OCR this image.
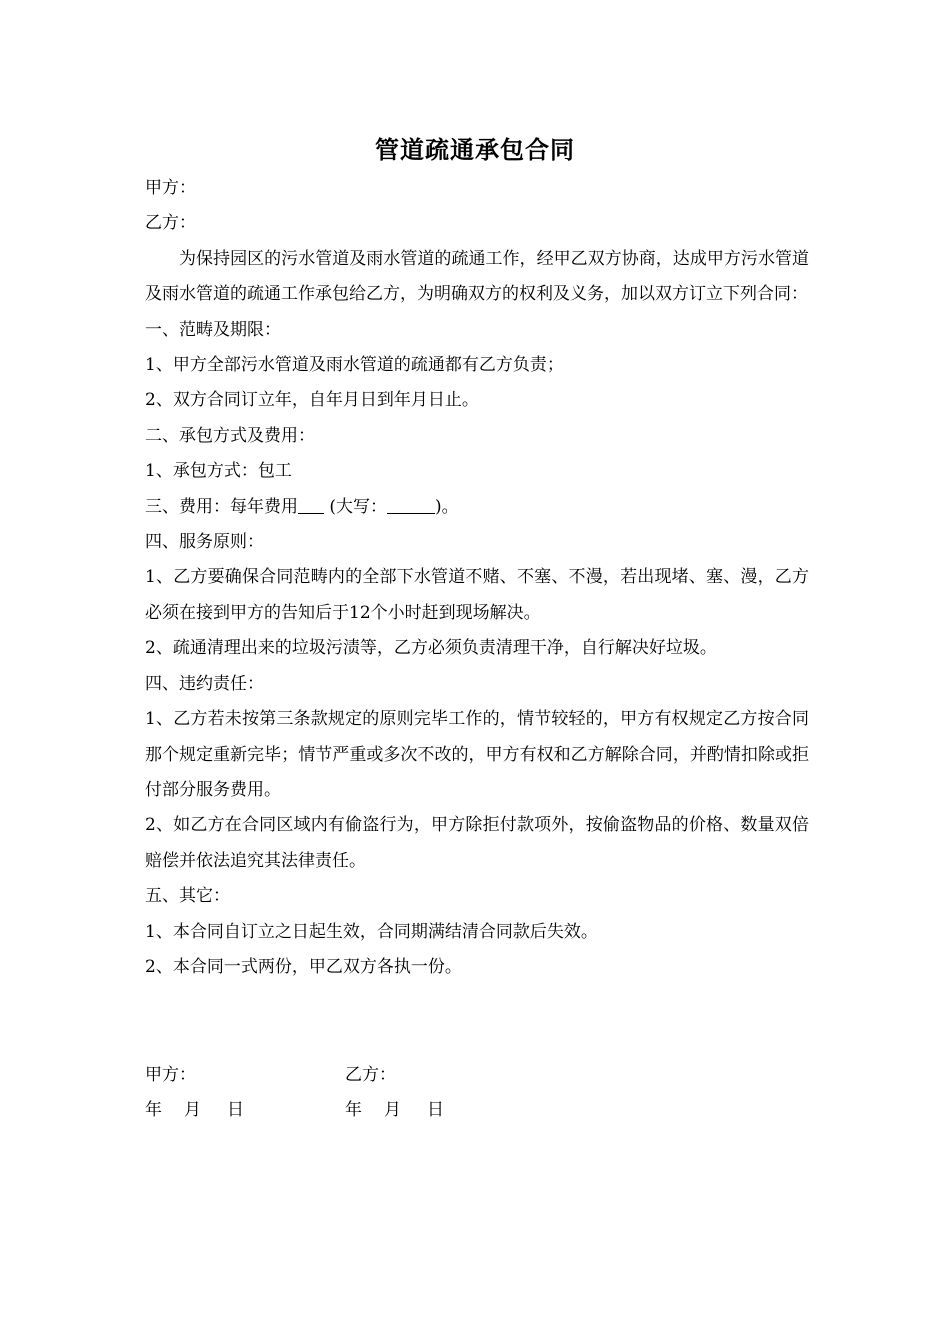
管道疏通承包合同
甲方：
乙方：
为保持园区的污水管道及雨水管道的疏通工作，经甲乙双方协商，达成甲方污水管道及雨水管道的疏通工作承包给乙方，为明确双方的权利及义务，加以双方订立下列合同：
一、范畴及期限：
1、甲方全部污水管道及雨水管道的疏通都有乙方负责；
2、双方合同订立年，自年月日到年月日止。
二、承包方式及费用：
1、承包方式：包工
三、费用：每年费用 (大写：	)。
四、服务原则：
1、乙方要确保合同范畴内的全部下水管道不赌、不塞、不漫，若出现堵、塞、漫，乙方必须在接到甲方的告知后于12个小时赶到现场解决。
2、疏通清理出来的垃圾污渍等，乙方必须负责清理干净，自行解决好垃圾。
四、违约责任：
1、乙方若未按第三条款规定的原则完毕工作的，情节较轻的，甲方有权规定乙方按合同那个规定重新完毕；情节严重或多次不改的，甲方有权和乙方解除合同，并酌情扣除或拒付部分服务费用。
2、如乙方在合同区域内有偷盗行为，甲方除拒付款项外，按偷盗物品的价格、数量双倍赔偿并依法追究其法律责任。
五、其它：
1、本合同自订立之日起生效，合同期满结清合同款后失效。
2、本合同一式两份，甲乙双方各执一份。
甲方：	乙方：
年 月 日	年 月 日
